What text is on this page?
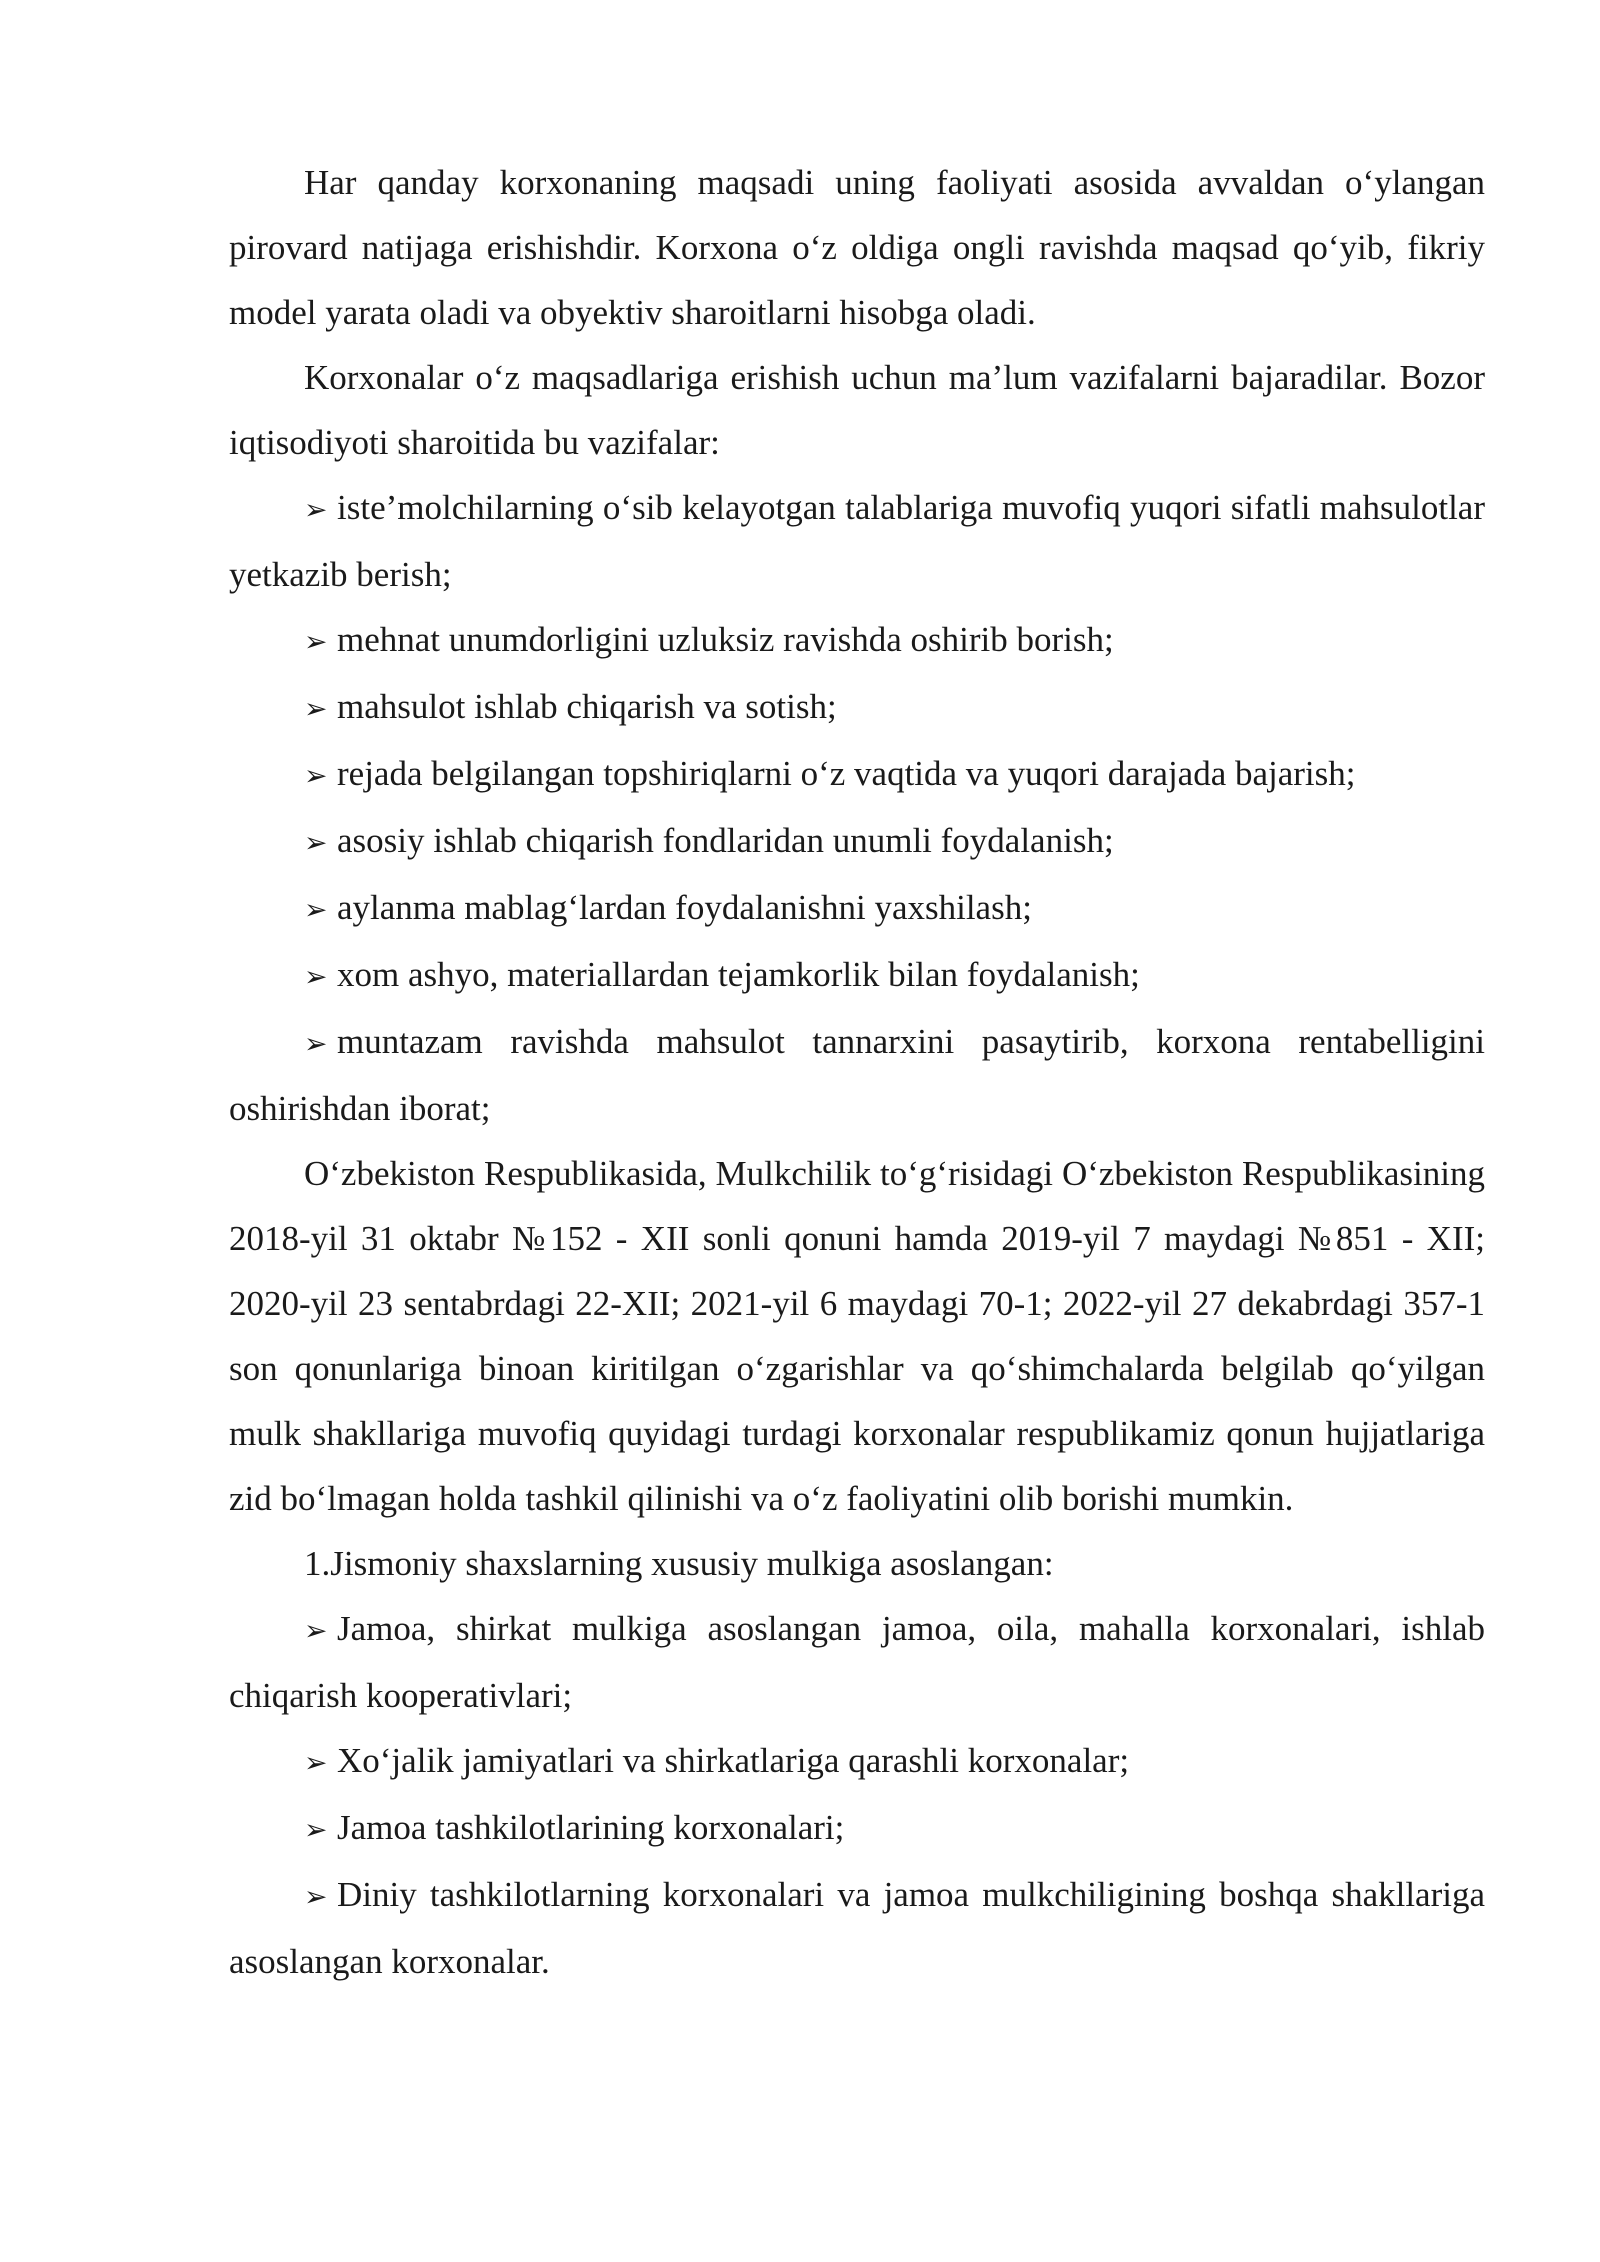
Har qanday korxonaning maqsadi uning faoliyati asosida avvaldan o‘ylangan pirovard natijaga erishishdir. Korxona o‘z oldiga ongli ravishda maqsad qo‘yib, fikriy model yarata oladi va obyektiv sharoitlarni hisobga oladi.

Korxonalar o‘z maqsadlariga erishish uchun ma’lum vazifalarni bajaradilar. Bozor iqtisodiyoti sharoitida bu vazifalar:

➢ iste’molchilarning o‘sib kelayotgan talablariga muvofiq yuqori sifatli mahsulotlar yetkazib berish;

➢ mehnat unumdorligini uzluksiz ravishda oshirib borish;

➢ mahsulot ishlab chiqarish va sotish;

➢ rejada belgilangan topshiriqlarni o‘z vaqtida va yuqori darajada bajarish;

➢ asosiy ishlab chiqarish fondlaridan unumli foydalanish;

➢ aylanma mablag‘lardan foydalanishni yaxshilash;

➢ xom ashyo, materiallardan tejamkorlik bilan foydalanish;

➢ muntazam ravishda mahsulot tannarxini pasaytirib, korxona rentabelligini oshirishdan iborat;

O‘zbekiston Respublikasida, Mulkchilik to‘g‘risidagi O‘zbekiston Respublikasining 2018-yil 31 oktabr №152 - XII sonli qonuni hamda 2019-yil 7 maydagi №851 - XII; 2020-yil 23 sentabrdagi 22-XII; 2021-yil 6 maydagi 70-1; 2022-yil 27 dekabrdagi 357-1 son qonunlariga binoan kiritilgan o‘zgarishlar va qo‘shimchalarda belgilab qo‘yilgan mulk shakllariga muvofiq quyidagi turdagi korxonalar respublikamiz qonun hujjatlariga zid bo‘lmagan holda tashkil qilinishi va o‘z faoliyatini olib borishi mumkin.

1.Jismoniy shaxslarning xususiy mulkiga asoslangan:

➢ Jamoa, shirkat mulkiga asoslangan jamoa, oila, mahalla korxonalari, ishlab chiqarish kooperativlari;

➢ Xo‘jalik jamiyatlari va shirkatlariga qarashli korxonalar;

➢ Jamoa tashkilotlarining korxonalari;

➢ Diniy tashkilotlarning korxonalari va jamoa mulkchiligining boshqa shakllariga asoslangan korxonalar.
